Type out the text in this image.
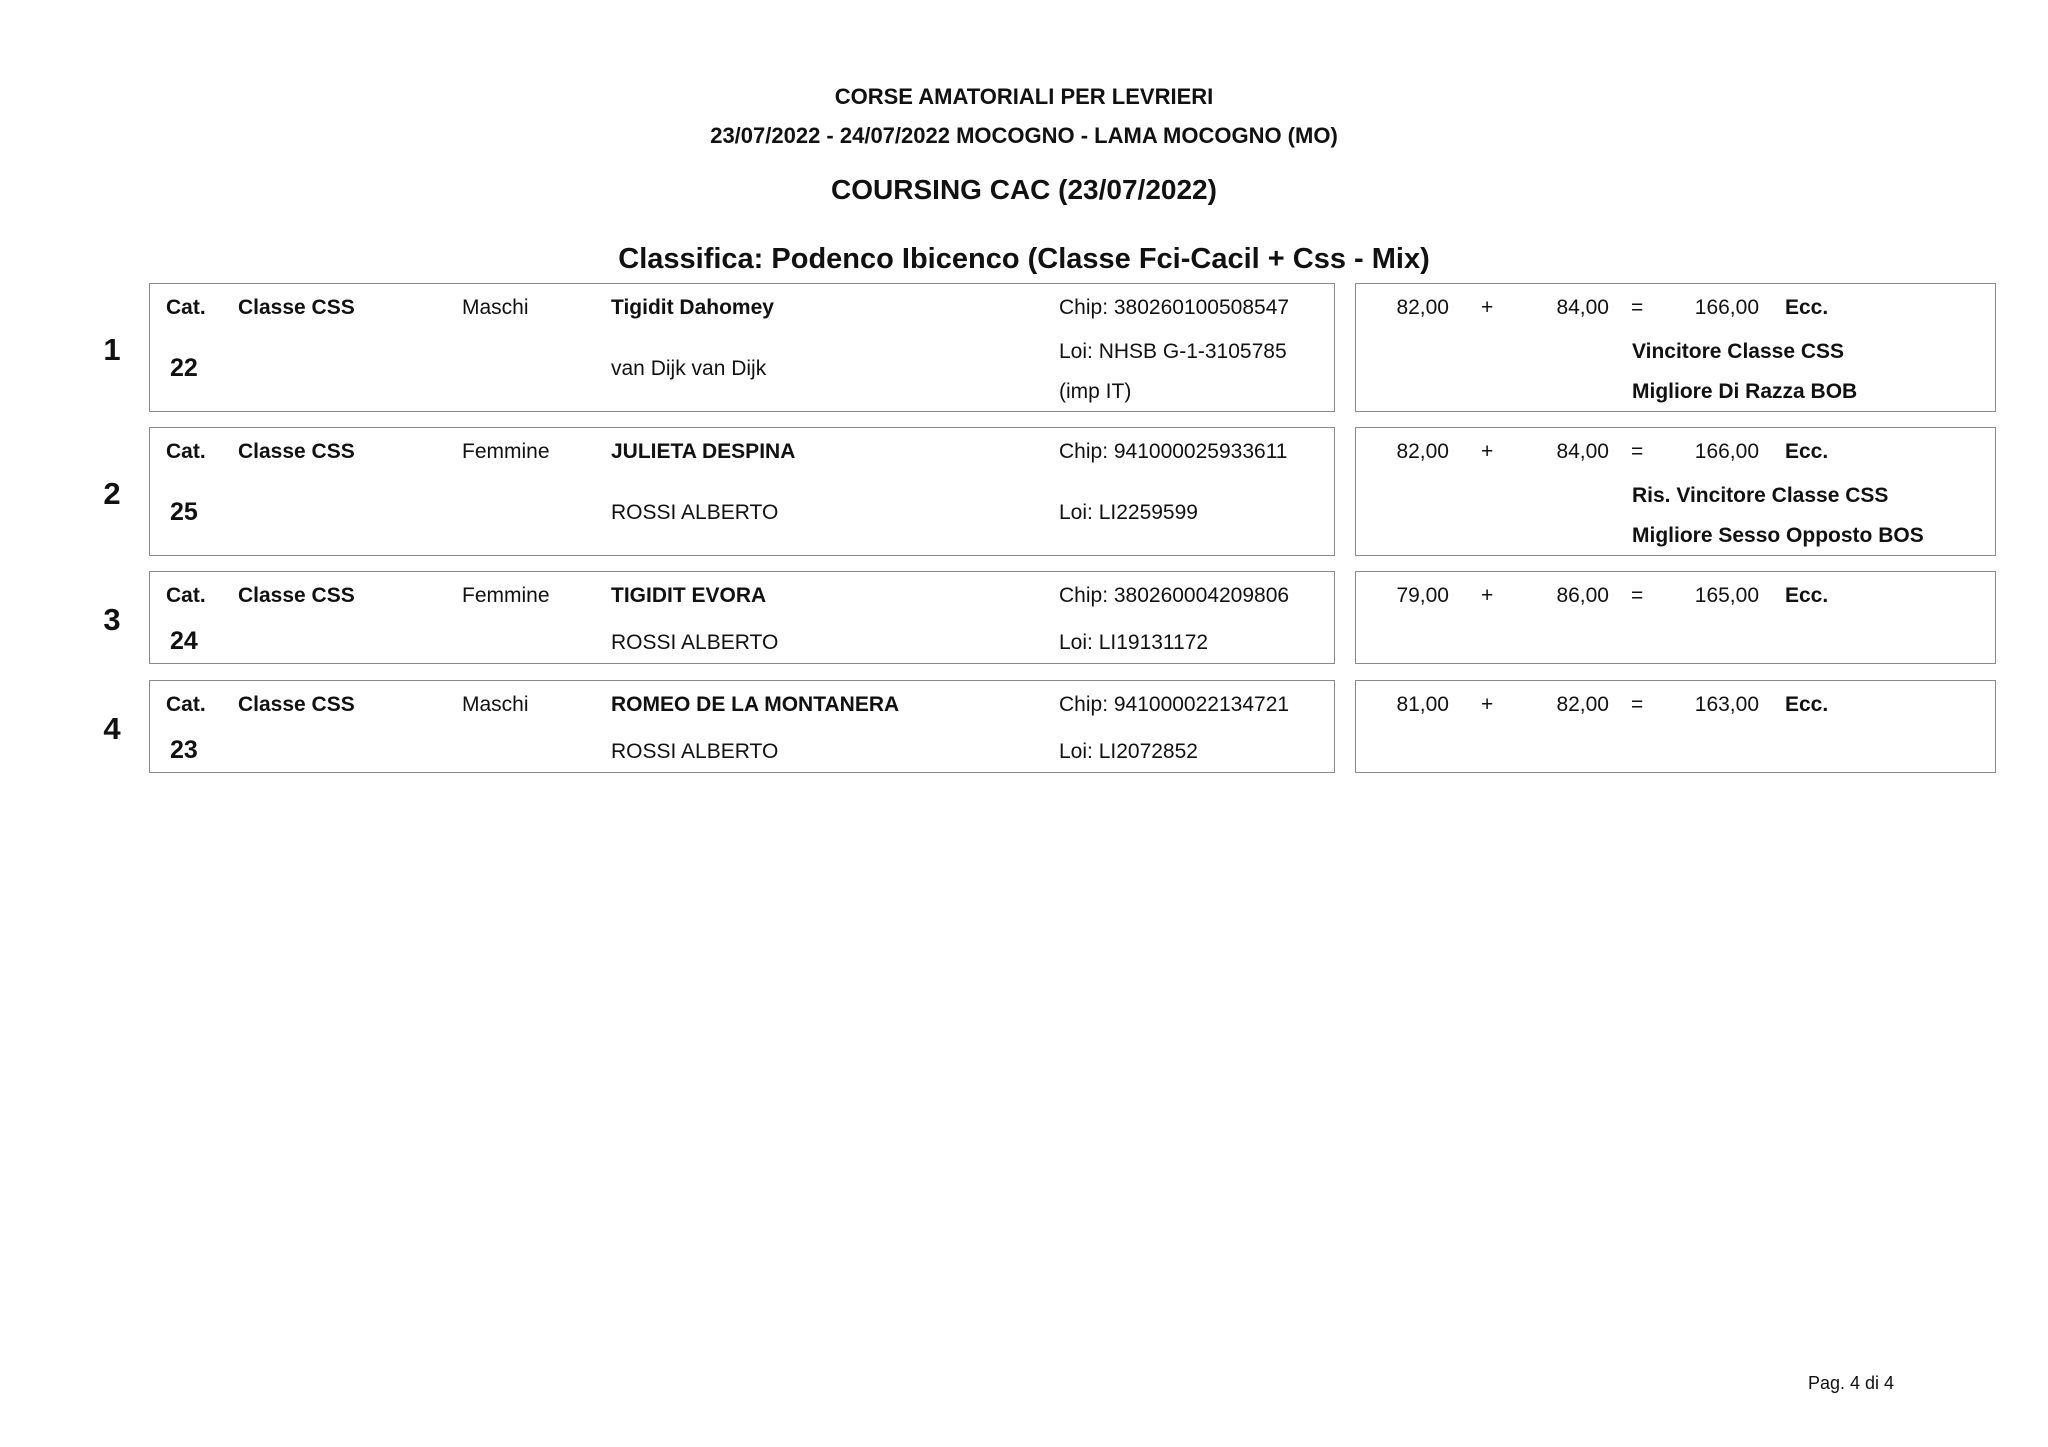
CORSE AMATORIALI PER LEVRIERI
23/07/2022 - 24/07/2022 MOCOGNO - LAMA MOCOGNO (MO)
COURSING CAC (23/07/2022)
Classifica: Podenco Ibicenco (Classe Fci-Cacil + Css - Mix)
1
Cat. Classe CSS	Maschi	Tigidit Dahomey	Chip: 380260100508547
22	van Dijk van Dijk
Loi: NHSB G-1-3105785
(imp IT)
82,00 +	84,00 =	166,00 Ecc.
Vincitore Classe CSS
Migliore Di Razza BOB
2
Cat. Classe CSS	Femmine	JULIETA DESPINA	Chip: 941000025933611
25	ROSSI ALBERTO	Loi: LI2259599
82,00 +	84,00 =	166,00 Ecc.
Ris. Vincitore Classe CSS
Migliore Sesso Opposto BOS
3
Cat. Classe CSS	Femmine	TIGIDIT EVORA	Chip: 380260004209806
24	ROSSI ALBERTO	Loi: LI19131172
79,00 +	86,00 =	165,00 Ecc.
4
Cat. Classe CSS	Maschi	ROMEO DE LA MONTANERA	Chip: 941000022134721
23	ROSSI ALBERTO	Loi: LI2072852
81,00 +	82,00 =	163,00 Ecc.
Pag. 4 di 4
